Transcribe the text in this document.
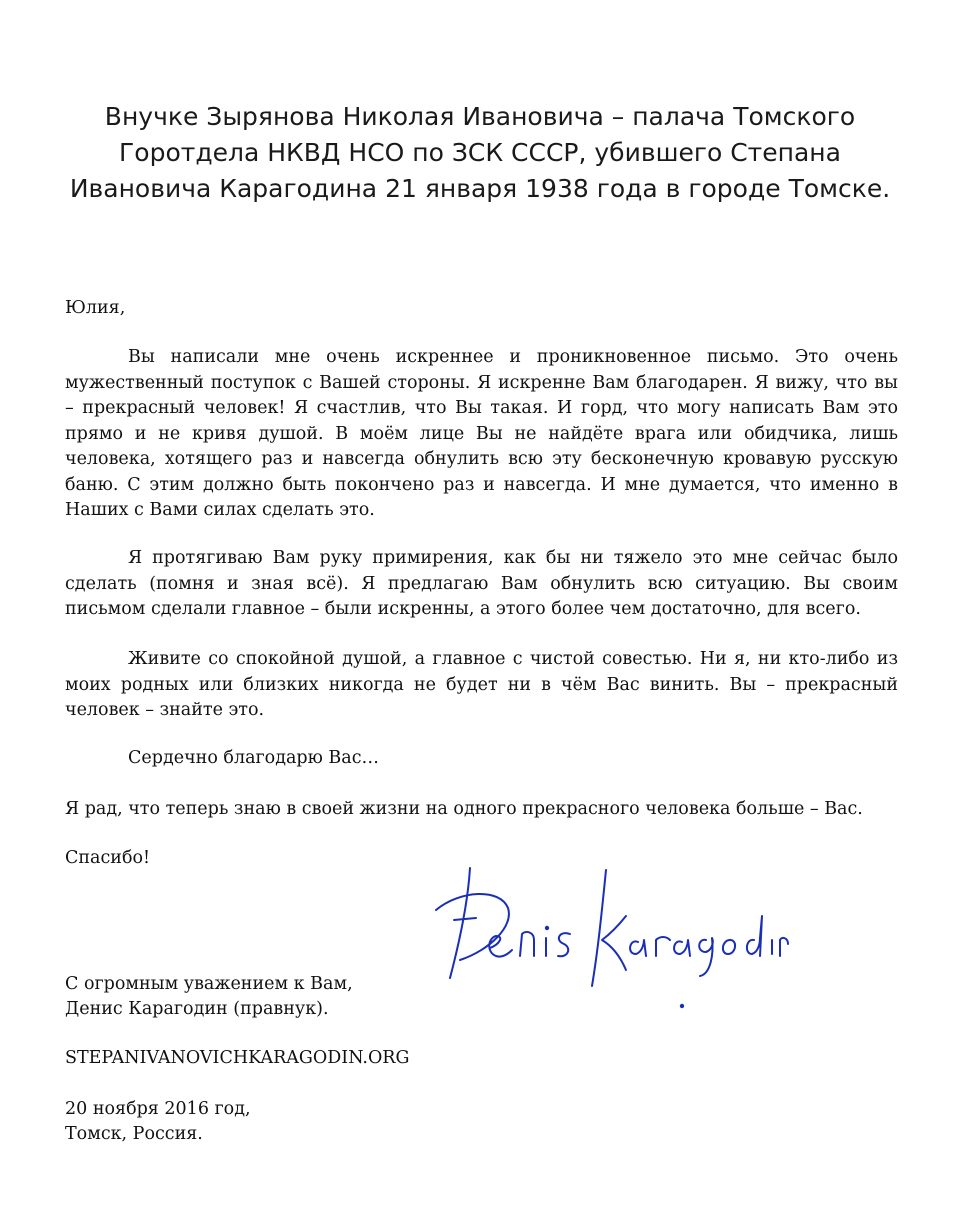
Внучке Зырянова Николая Ивановича – палача Томского Горотдела НКВД НСО по ЗСК СССР, убившего Степана Ивановича Карагодина 21 января 1938 года в городе Томске.
Юлия,
Вы написали мне очень искреннее и проникновенное письмо. Это очень мужественный поступок с Вашей стороны. Я искренне Вам благодарен. Я вижу, что вы – прекрасный человек! Я счастлив, что Вы такая. И горд, что могу написать Вам это прямо и не кривя душой. В моём лице Вы не найдёте врага или обидчика, лишь человека, хотящего раз и навсегда обнулить всю эту бесконечную кровавую русскую баню. С этим должно быть покончено раз и навсегда. И мне думается, что именно в Наших с Вами силах сделать это.
Я протягиваю Вам руку примирения, как бы ни тяжело это мне сейчас было сделать (помня и зная всё). Я предлагаю Вам обнулить всю ситуацию. Вы своим письмом сделали главное – были искренны, а этого более чем достаточно, для всего.
Живите со спокойной душой, а главное с чистой совестью. Ни я, ни кто-либо из моих родных или близких никогда не будет ни в чём Вас винить. Вы – прекрасный человек – знайте это.
Сердечно благодарю Вас…
Я рад, что теперь знаю в своей жизни на одного прекрасного человека больше – Вас.
Спасибо!
С огромным уважением к Вам,
Денис Карагодин (правнук).
STEPANIVANOVICHKARAGODIN.ORG
20 ноября 2016 год,
Томск, Россия.
